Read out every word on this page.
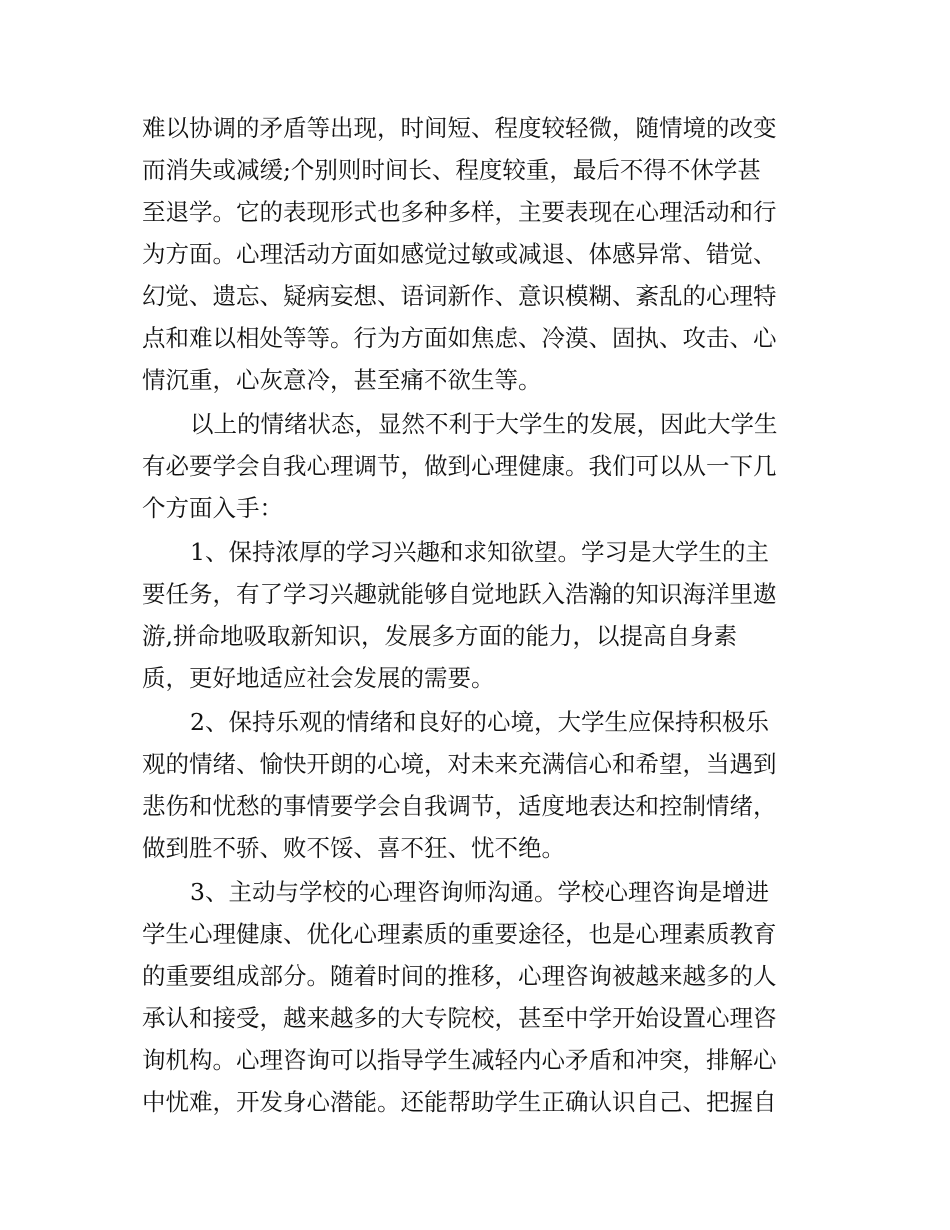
难以协调的矛盾等出现，时间短、程度较轻微，随情境的改变
而消失或减缓;个别则时间长、程度较重，最后不得不休学甚
至退学。它的表现形式也多种多样，主要表现在心理活动和行
为方面。心理活动方面如感觉过敏或减退、体感异常、错觉、
幻觉、遗忘、疑病妄想、语词新作、意识模糊、紊乱的心理特
点和难以相处等等。行为方面如焦虑、冷漠、固执、攻击、心
情沉重，心灰意冷，甚至痛不欲生等。
以上的情绪状态，显然不利于大学生的发展，因此大学生
有必要学会自我心理调节，做到心理健康。我们可以从一下几
个方面入手：
1、保持浓厚的学习兴趣和求知欲望。学习是大学生的主
要任务，有了学习兴趣就能够自觉地跃入浩瀚的知识海洋里遨
游,拼命地吸取新知识，发展多方面的能力，以提高自身素
质，更好地适应社会发展的需要。
2、保持乐观的情绪和良好的心境，大学生应保持积极乐
观的情绪、愉快开朗的心境，对未来充满信心和希望，当遇到
悲伤和忧愁的事情要学会自我调节，适度地表达和控制情绪，
做到胜不骄、败不馁、喜不狂、忧不绝。
3、主动与学校的心理咨询师沟通。学校心理咨询是增进
学生心理健康、优化心理素质的重要途径，也是心理素质教育
的重要组成部分。随着时间的推移，心理咨询被越来越多的人
承认和接受，越来越多的大专院校，甚至中学开始设置心理咨
询机构。心理咨询可以指导学生减轻内心矛盾和冲突，排解心
中忧难，开发身心潜能。还能帮助学生正确认识自己、把握自
